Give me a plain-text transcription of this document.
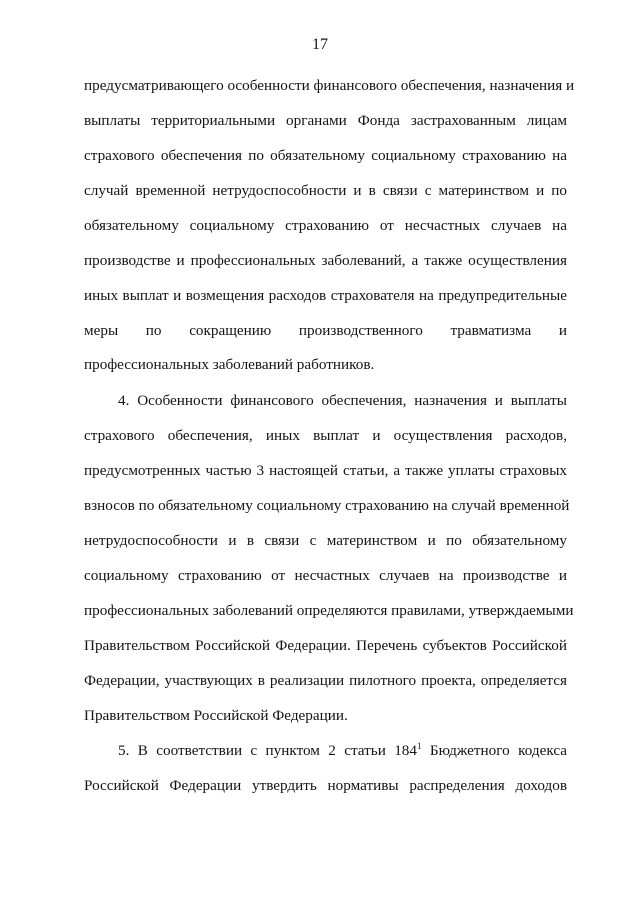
17
предусматривающего особенности финансового обеспечения, назначения и
выплаты территориальными органами Фонда застрахованным лицам
страхового обеспечения по обязательному социальному страхованию на
случай временной нетрудоспособности и в связи с материнством и по
обязательному социальному страхованию от несчастных случаев на
производстве и профессиональных заболеваний, а также осуществления
иных выплат и возмещения расходов страхователя на предупредительные
меры по сокращению производственного травматизма и
профессиональных заболеваний работников.
4. Особенности финансового обеспечения, назначения и выплаты
страхового обеспечения, иных выплат и осуществления расходов,
предусмотренных частью 3 настоящей статьи, а также уплаты страховых
взносов по обязательному социальному страхованию на случай временной
нетрудоспособности и в связи с материнством и по обязательному
социальному страхованию от несчастных случаев на производстве и
профессиональных заболеваний определяются правилами, утверждаемыми
Правительством Российской Федерации. Перечень субъектов Российской
Федерации, участвующих в реализации пилотного проекта, определяется
Правительством Российской Федерации.
5. В соответствии с пунктом 2 статьи $184^1$ Бюджетного кодекса
Российской Федерации утвердить нормативы распределения доходов
